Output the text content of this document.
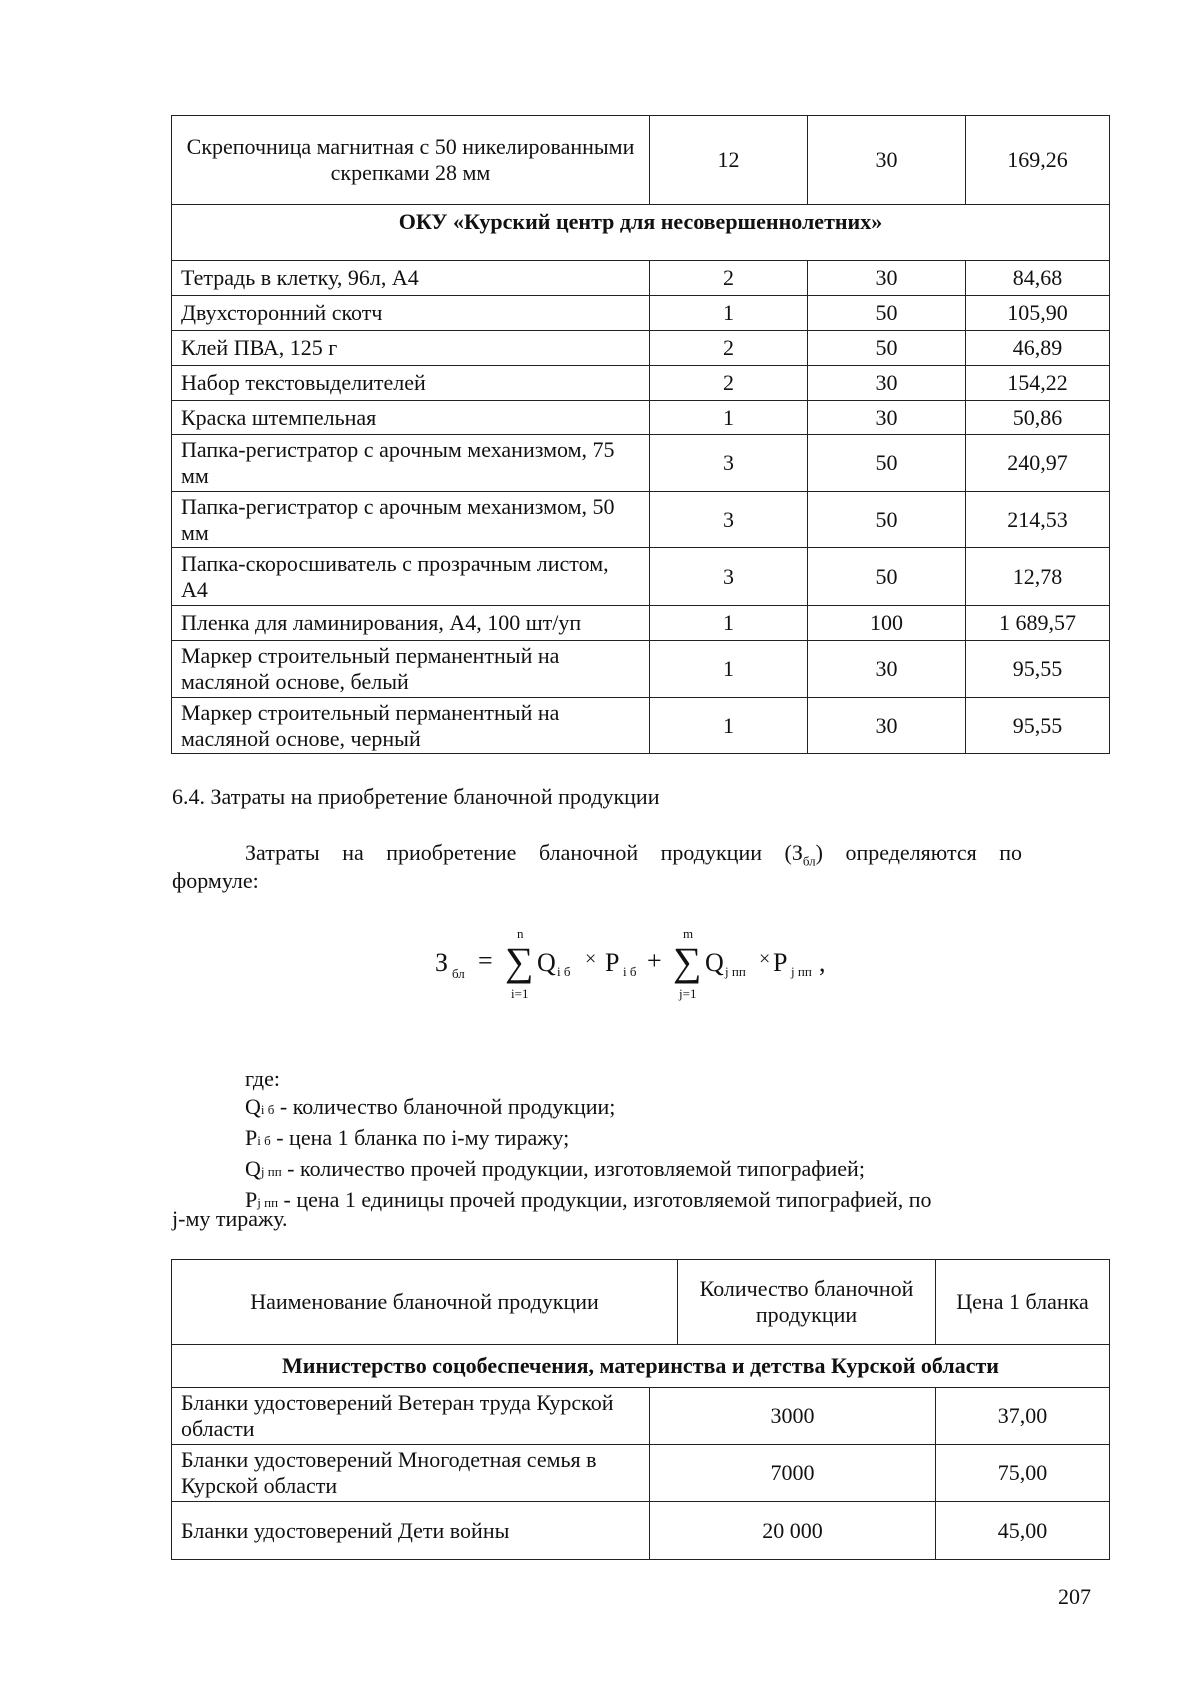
Скрепочница магнитная с 50 никелированными скрепками 28 мм	12	30	169,26
ОКУ «Курский центр для несовершеннолетних»			
Тетрадь в клетку, 96л, А4	2	30	84,68
Двухсторонний скотч	1	50	105,90
Клей ПВА, 125 г	2	50	46,89
Набор текстовыделителей	2	30	154,22
Краска штемпельная	1	30	50,86
Папка-регистратор с арочным механизмом, 75 мм	3	50	240,97
Папка-регистратор с арочным механизмом, 50 мм	3	50	214,53
Папка-скоросшиватель с прозрачным листом, А4	3	50	12,78
Пленка для ламинирования, А4, 100 шт/уп	1	100	1 689,57
Маркер строительный перманентный на масляной основе, белый	1	30	95,55
Маркер строительный перманентный на масляной основе, черный	1	30	95,55
6.4. Затраты на приобретение бланочной продукции
Затраты на приобретение бланочной продукции $(З_{бл})$ определяются по
формуле:
З бл = ∑
n
i=1
Q i б
× P i б + ∑
m
j=1
Q j пп
× P j пп ,
где:
Qi б - количество бланочной продукции;
Pi б - цена 1 бланка по i-му тиражу;
Qj пп - количество прочей продукции, изготовляемой типографией;
Pj пп - цена 1 единицы прочей продукции, изготовляемой типографией, по
j-му тиражу.
Наименование бланочной продукции		Количество бланочной продукции	Цена 1 бланка
Министерство соцобеспечения, материнства и детства Курской области			
Бланки удостоверений Ветеран труда Курской области	3000		37,00
Бланки удостоверений Многодетная семья в Курской области	7000		75,00
Бланки удостоверений Дети войны	20 000		45,00
207
